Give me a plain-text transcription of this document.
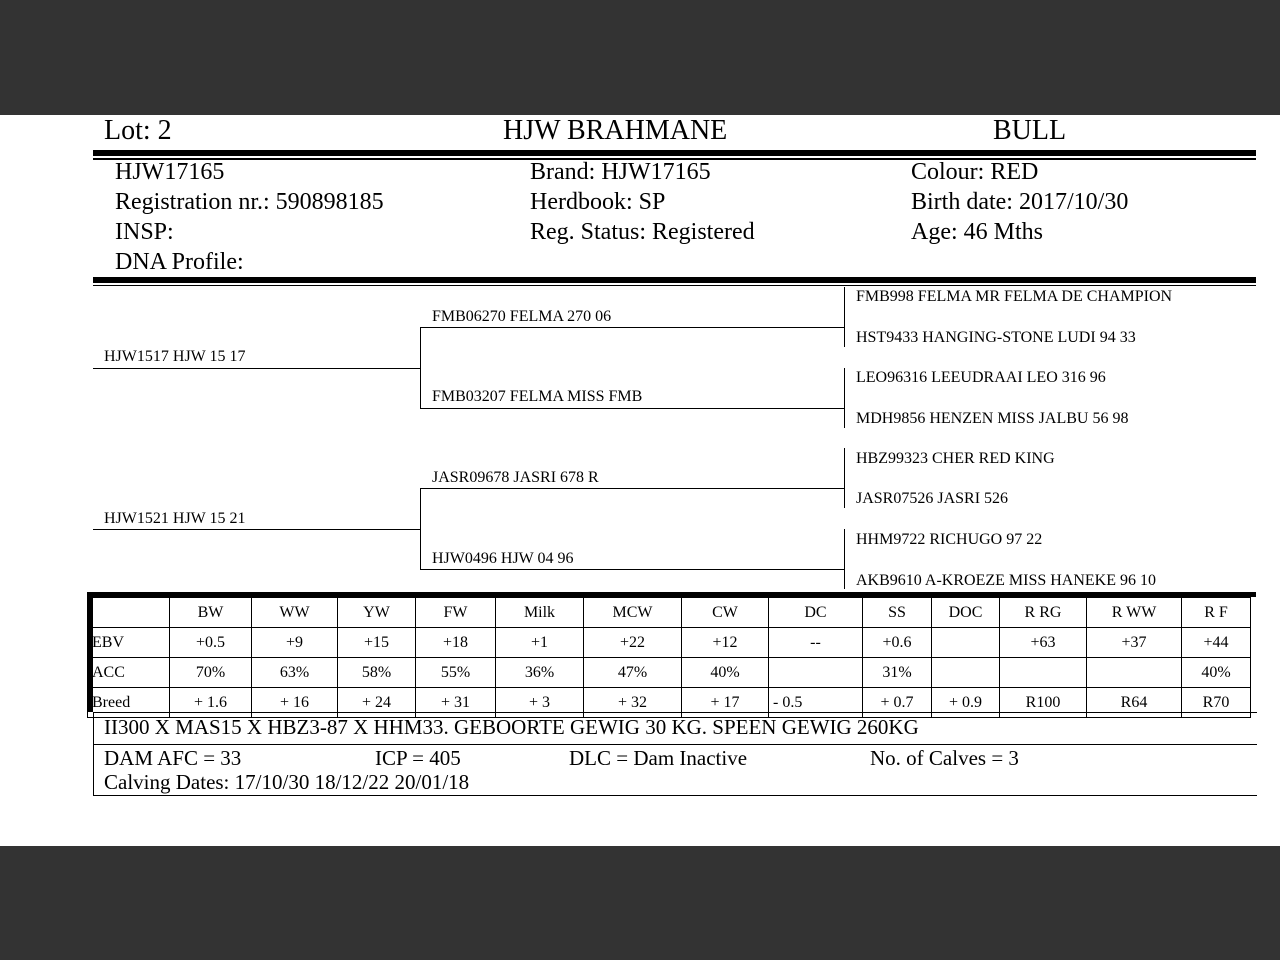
Lot: 2	HJW BRAHMANE	BULL
HJW17165
Registration nr.: 590898185
INSP:
DNA Profile:
Brand: HJW17165
Herdbook: SP
Reg. Status: Registered
Colour: RED
Birth date: 2017/10/30
Age: 46 Mths
HJW1517 HJW 15 17
HJW1521 HJW 15 21
FMB06270 FELMA 270 06
FMB03207 FELMA MISS FMB
JASR09678 JASRI 678 R
HJW0496 HJW 04 96
FMB998 FELMA MR FELMA DE CHAMPION
HST9433 HANGING-STONE LUDI 94 33
LEO96316 LEEUDRAAI LEO 316 96
MDH9856 HENZEN MISS JALBU 56 98
HBZ99323 CHER RED KING
JASR07526 JASRI 526
HHM9722 RICHUGO 97 22
AKB9610 A-KROEZE MISS HANEKE 96 10
	BW	WW	YW	FW	Milk	MCW	CW	DC	SS	DOC	R RG	R WW	R F
EBV	+0.5	+9	+15	+18	+1	+22	+12	--	+0.6		+63	+37	+44
ACC	70%	63%	58%	55%	36%	47%	40%		31%				40%
Breed	+ 1.6	+ 16	+ 24	+ 31	+ 3	+ 32	+ 17	- 0.5	+ 0.7	+ 0.9	R100	R64	R70
II300 X MAS15 X HBZ3-87 X HHM33. GEBOORTE GEWIG 30 KG. SPEEN GEWIG 260KG
DAM AFC = 33	ICP = 405	DLC = Dam Inactive	No. of Calves = 3
Calving Dates: 17/10/30 18/12/22 20/01/18
